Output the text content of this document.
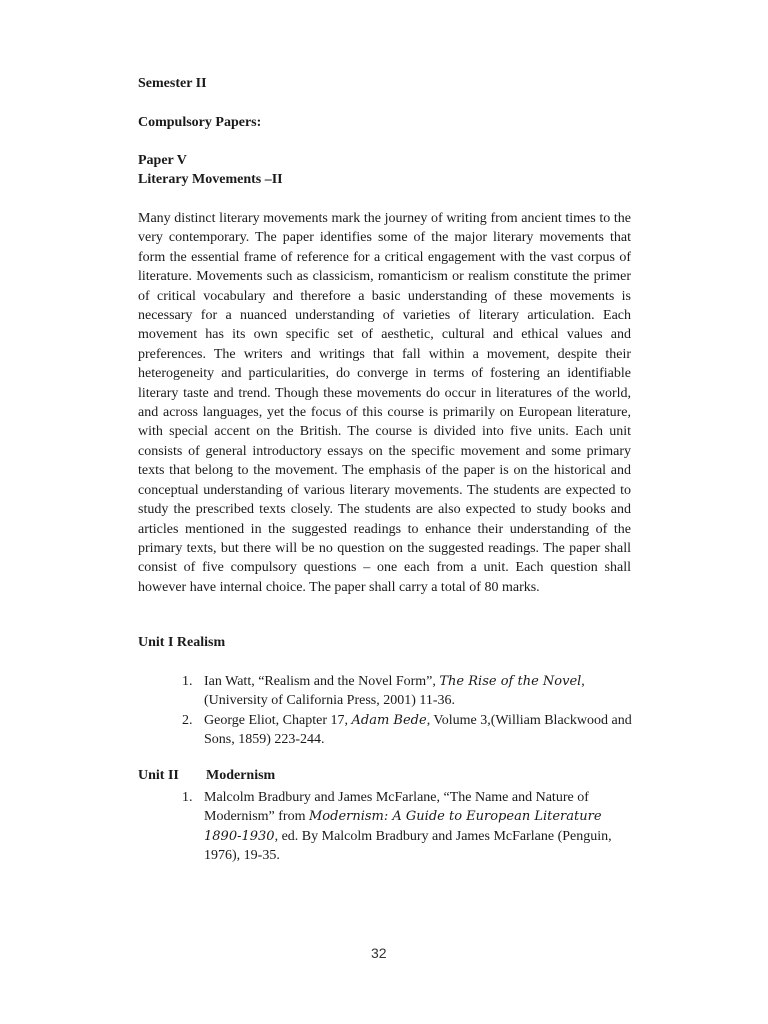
Semester II
Compulsory Papers:
Paper V
Literary Movements –II

Many distinct literary movements mark the journey of writing from ancient times to the very contemporary. The paper identifies some of the major literary movements that form the essential frame of reference for a critical engagement with the vast corpus of literature. Movements such as classicism, romanticism or realism constitute the primer of critical vocabulary and therefore a basic understanding of these movements is necessary for a nuanced understanding of varieties of literary articulation. Each movement has its own specific set of aesthetic, cultural and ethical values and preferences. The writers and writings that fall within a movement, despite their heterogeneity and particularities, do converge in terms of fostering an identifiable literary taste and trend. Though these movements do occur in literatures of the world, and across languages, yet the focus of this course is primarily on European literature, with special accent on the British. The course is divided into five units. Each unit consists of general introductory essays on the specific movement and some primary texts that belong to the movement. The emphasis of the paper is on the historical and conceptual understanding of various literary movements. The students are expected to study the prescribed texts closely. The students are also expected to study books and articles mentioned in the suggested readings to enhance their understanding of the primary texts, but there will be no question on the suggested readings. The paper shall consist of five compulsory questions – one each from a unit. Each question shall however have internal choice. The paper shall carry a total of 80 marks.

Unit I Realism
1. Ian Watt, “Realism and the Novel Form”, The Rise of the Novel, (University of California Press, 2001) 11-36.
2. George Eliot, Chapter 17, Adam Bede, Volume 3,(William Blackwood and Sons, 1859) 223-244.
Unit II Modernism
1. Malcolm Bradbury and James McFarlane, “The Name and Nature of Modernism” from Modernism: A Guide to European Literature 1890-1930, ed. By Malcolm Bradbury and James McFarlane (Penguin, 1976), 19-35.
32
